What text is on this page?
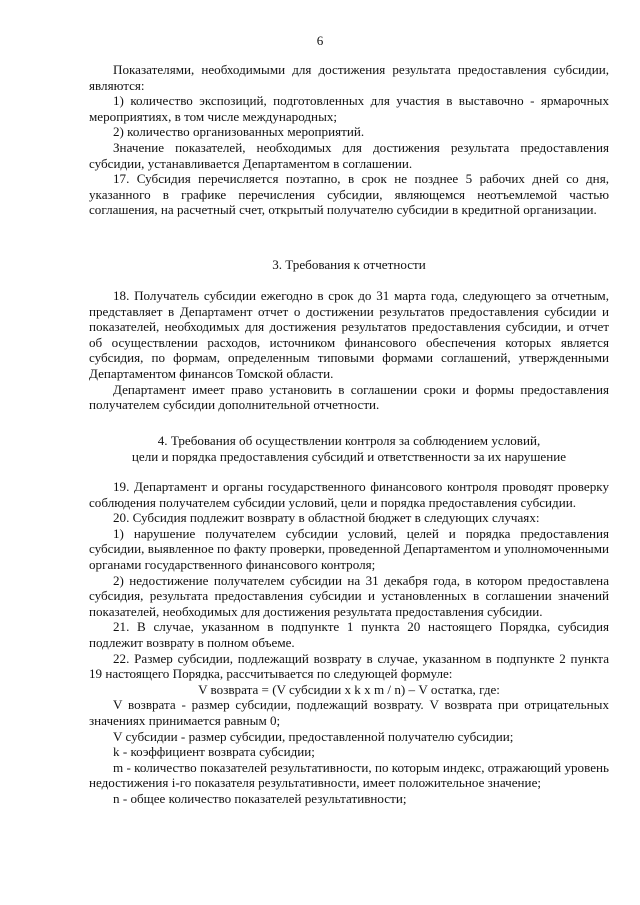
6

Показателями, необходимыми для достижения результата предоставления субсидии, являются:

1) количество экспозиций, подготовленных для участия в выставочно - ярмарочных мероприятиях, в том числе международных;

2) количество организованных мероприятий.

Значение показателей, необходимых для достижения результата предоставления субсидии, устанавливается Департаментом в соглашении.

17. Субсидия перечисляется поэтапно, в срок не позднее 5 рабочих дней со дня, указанного в графике перечисления субсидии, являющемся неотъемлемой частью соглашения, на расчетный счет, открытый получателю субсидии в кредитной организации.

3. Требования к отчетности

18. Получатель субсидии ежегодно в срок до 31 марта года, следующего за отчетным, представляет в Департамент отчет о достижении результатов предоставления субсидии и показателей, необходимых для достижения результатов предоставления субсидии, и отчет об осуществлении расходов, источником финансового обеспечения которых является субсидия, по формам, определенным типовыми формами соглашений, утвержденными Департаментом финансов Томской области.

Департамент имеет право установить в соглашении сроки и формы предоставления получателем субсидии дополнительной отчетности.

4. Требования об осуществлении контроля за соблюдением условий,

цели и порядка предоставления субсидий и ответственности за их нарушение

19. Департамент и органы государственного финансового контроля проводят проверку соблюдения получателем субсидии условий, цели и порядка предоставления субсидии.

20. Субсидия подлежит возврату в областной бюджет в следующих случаях:

1) нарушение получателем субсидии условий, целей и порядка предоставления субсидии, выявленное по факту проверки, проведенной Департаментом и уполномоченными органами государственного финансового контроля;

2) недостижение получателем субсидии на 31 декабря года, в котором предоставлена субсидия, результата предоставления субсидии и установленных в соглашении значений показателей, необходимых для достижения результата предоставления субсидии.

21. В случае, указанном в подпункте 1 пункта 20 настоящего Порядка, субсидия подлежит возврату в полном объеме.

22. Размер субсидии, подлежащий возврату в случае, указанном в подпункте 2 пункта 19 настоящего Порядка, рассчитывается по следующей формуле:

V возврата = (V субсидии x k x m / n) – V остатка, где:

V возврата - размер субсидии, подлежащий возврату. V возврата при отрицательных значениях принимается равным 0;

V субсидии - размер субсидии, предоставленной получателю субсидии;

k - коэффициент возврата субсидии;

m - количество показателей результативности, по которым индекс, отражающий уровень недостижения i-го показателя результативности, имеет положительное значение;

n - общее количество показателей результативности;
